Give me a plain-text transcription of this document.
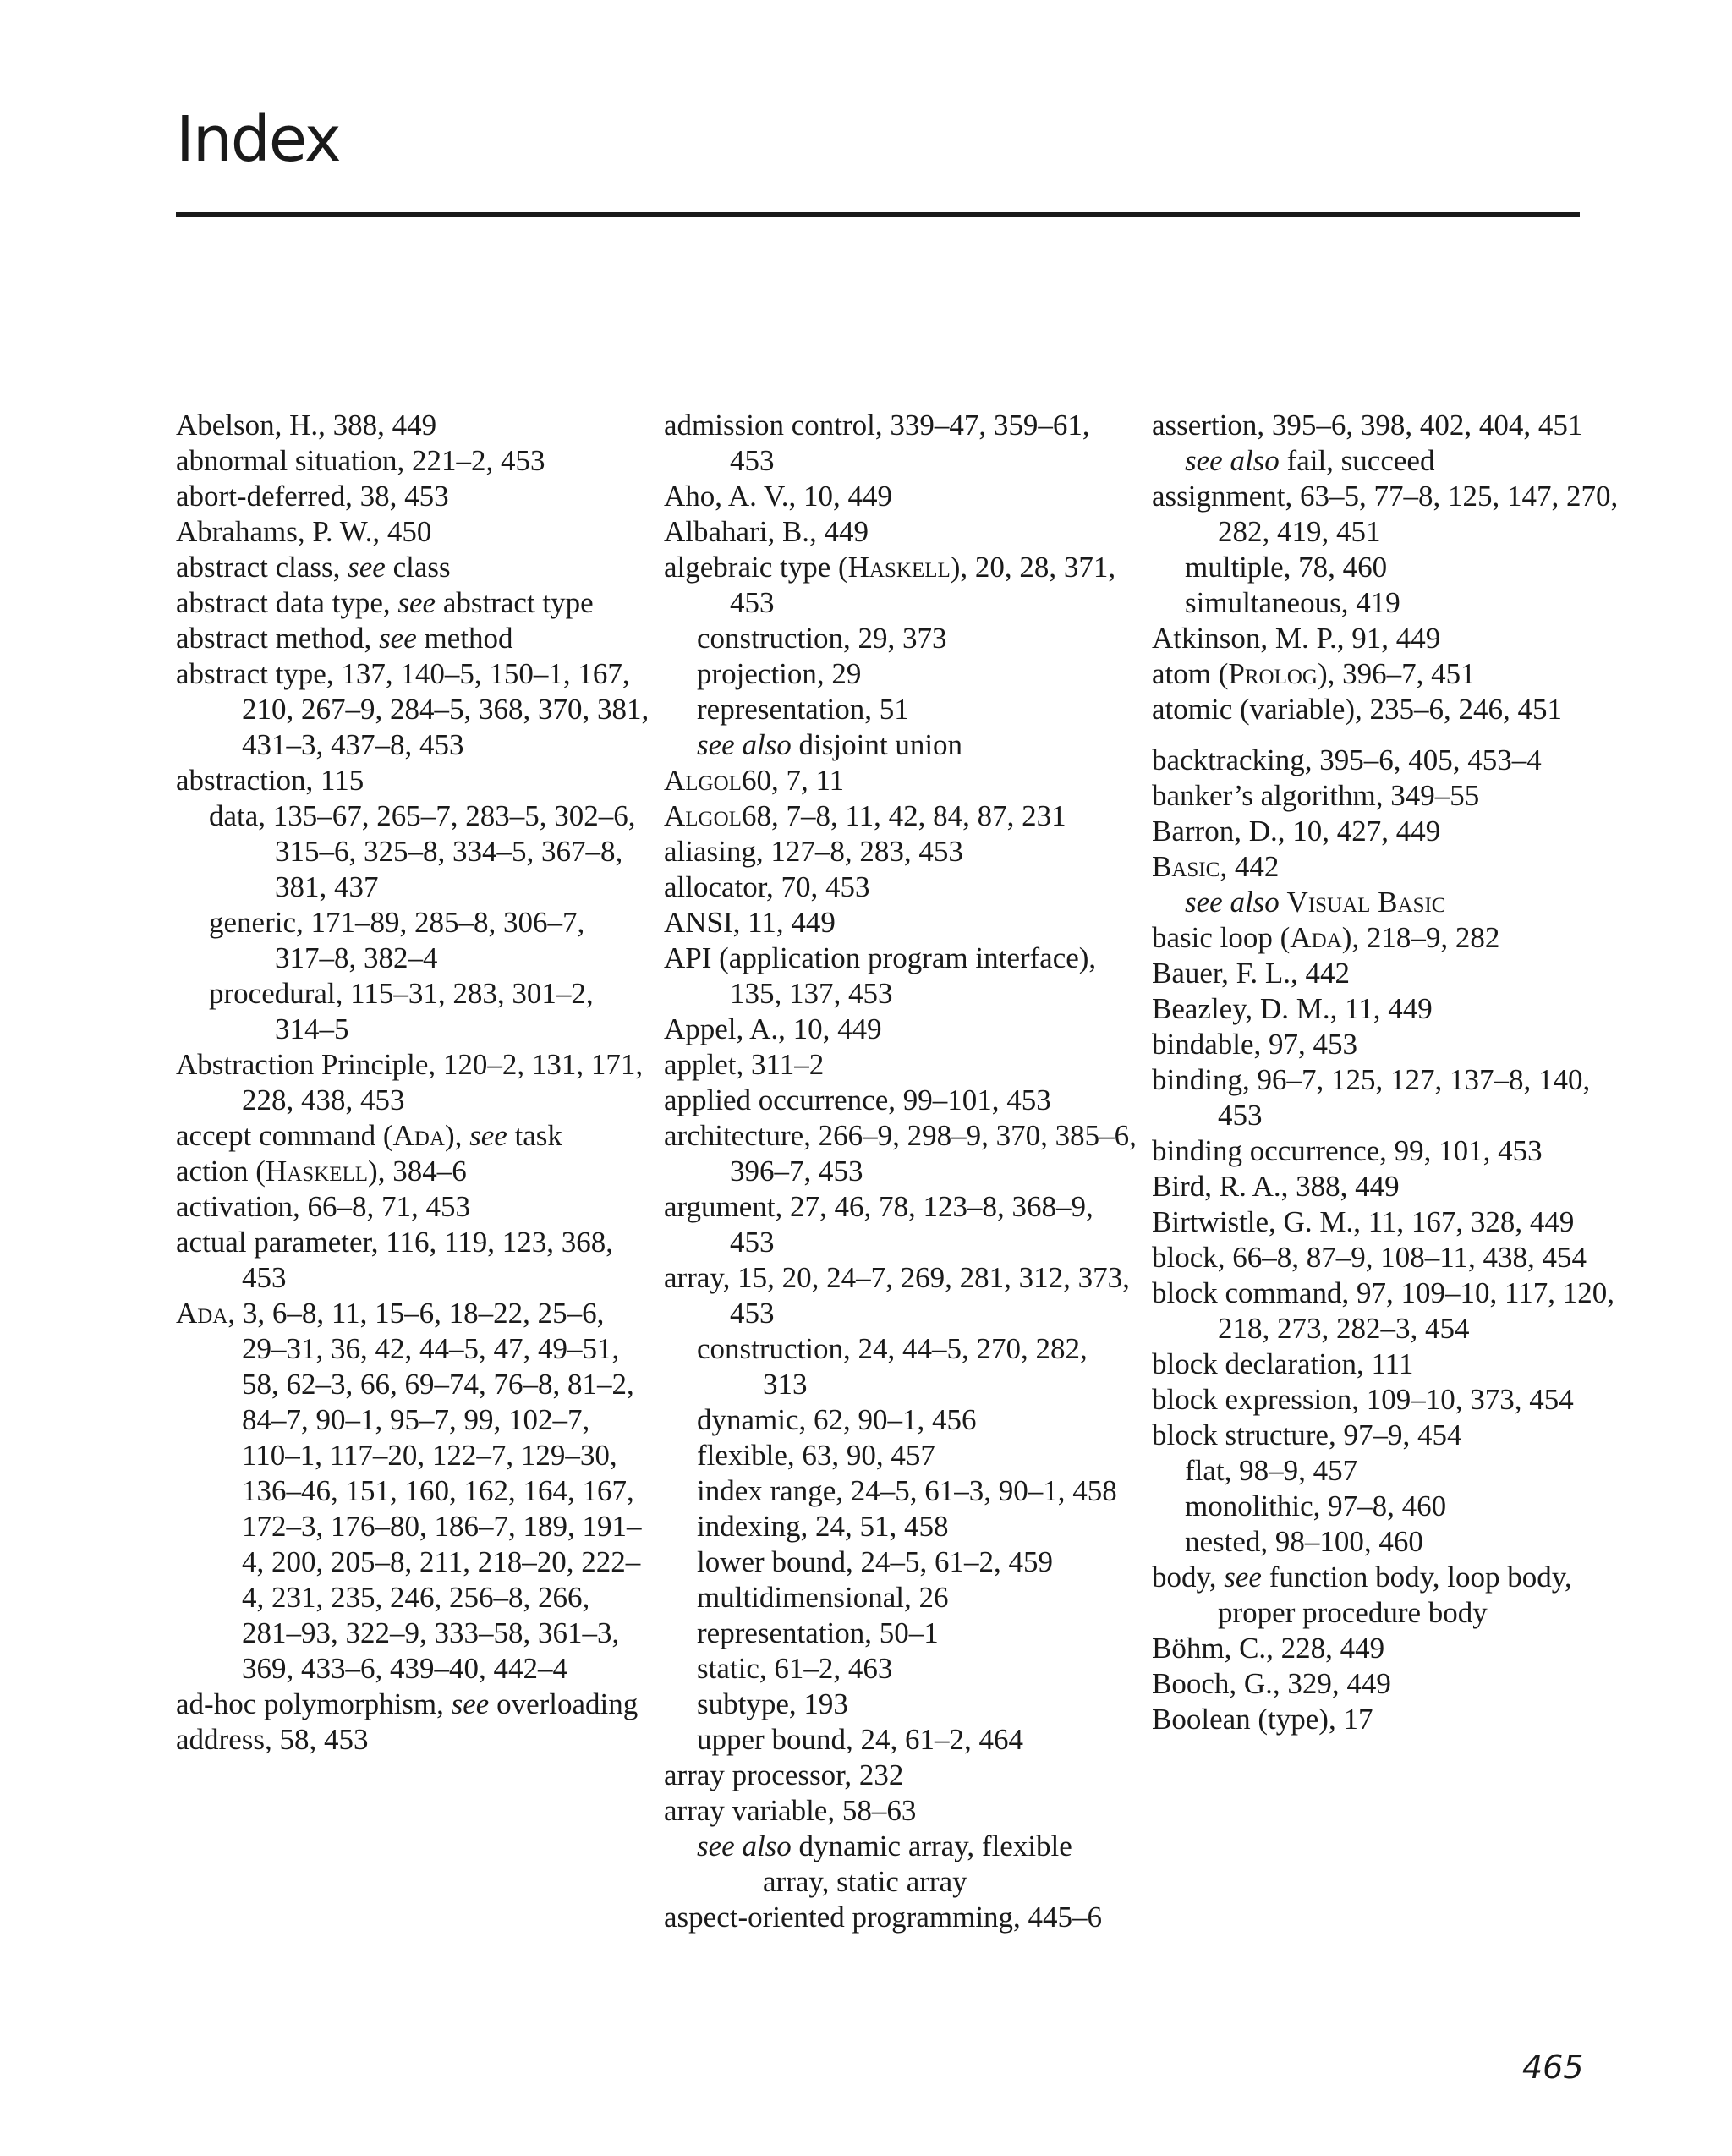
Index

Abelson, H., 388, 449

abnormal situation, 221–2, 453

abort-deferred, 38, 453

Abrahams, P. W., 450

abstract class, see class

abstract data type, see abstract type

abstract method, see method

abstract type, 137, 140–5, 150–1, 167, 210, 267–9, 284–5, 368, 370, 381, 431–3, 437–8, 453

abstraction, 115

data, 135–67, 265–7, 283–5, 302–6, 315–6, 325–8, 334–5, 367–8, 381, 437

generic, 171–89, 285–8, 306–7, 317–8, 382–4

procedural, 115–31, 283, 301–2, 314–5

Abstraction Principle, 120–2, 131, 171, 228, 438, 453

accept command (Ada), see task

action (Haskell), 384–6

activation, 66–8, 71, 453

actual parameter, 116, 119, 123, 368, 453

Ada, 3, 6–8, 11, 15–6, 18–22, 25–6, 29–31, 36, 42, 44–5, 47, 49–51, 58, 62–3, 66, 69–74, 76–8, 81–2, 84–7, 90–1, 95–7, 99, 102–7, 110–1, 117–20, 122–7, 129–30, 136–46, 151, 160, 162, 164, 167, 172–3, 176–80, 186–7, 189, 191–4, 200, 205–8, 211, 218–20, 222–4, 231, 235, 246, 256–8, 266, 281–93, 322–9, 333–58, 361–3, 369, 433–6, 439–40, 442–4

ad-hoc polymorphism, see overloading

address, 58, 453

admission control, 339–47, 359–61, 453

Aho, A. V., 10, 449

Albahari, B., 449

algebraic type (Haskell), 20, 28, 371, 453

construction, 29, 373

projection, 29

representation, 51

see also disjoint union

Algol60, 7, 11

Algol68, 7–8, 11, 42, 84, 87, 231

aliasing, 127–8, 283, 453

allocator, 70, 453

ANSI, 11, 449

API (application program interface), 135, 137, 453

Appel, A., 10, 449

applet, 311–2

applied occurrence, 99–101, 453

architecture, 266–9, 298–9, 370, 385–6, 396–7, 453

argument, 27, 46, 78, 123–8, 368–9, 453

array, 15, 20, 24–7, 269, 281, 312, 373, 453

construction, 24, 44–5, 270, 282, 313

dynamic, 62, 90–1, 456

flexible, 63, 90, 457

index range, 24–5, 61–3, 90–1, 458

indexing, 24, 51, 458

lower bound, 24–5, 61–2, 459

multidimensional, 26

representation, 50–1

static, 61–2, 463

subtype, 193

upper bound, 24, 61–2, 464

array processor, 232

array variable, 58–63

see also dynamic array, flexible array, static array

aspect-oriented programming, 445–6

assertion, 395–6, 398, 402, 404, 451

see also fail, succeed

assignment, 63–5, 77–8, 125, 147, 270, 282, 419, 451

multiple, 78, 460

simultaneous, 419

Atkinson, M. P., 91, 449

atom (Prolog), 396–7, 451

atomic (variable), 235–6, 246, 451

backtracking, 395–6, 405, 453–4

banker’s algorithm, 349–55

Barron, D., 10, 427, 449

Basic, 442

see also Visual Basic

basic loop (Ada), 218–9, 282

Bauer, F. L., 442

Beazley, D. M., 11, 449

bindable, 97, 453

binding, 96–7, 125, 127, 137–8, 140, 453

binding occurrence, 99, 101, 453

Bird, R. A., 388, 449

Birtwistle, G. M., 11, 167, 328, 449

block, 66–8, 87–9, 108–11, 438, 454

block command, 97, 109–10, 117, 120, 218, 273, 282–3, 454

block declaration, 111

block expression, 109–10, 373, 454

block structure, 97–9, 454

flat, 98–9, 457

monolithic, 97–8, 460

nested, 98–100, 460

body, see function body, loop body, proper procedure body

Böhm, C., 228, 449

Booch, G., 329, 449

Boolean (type), 17

465
